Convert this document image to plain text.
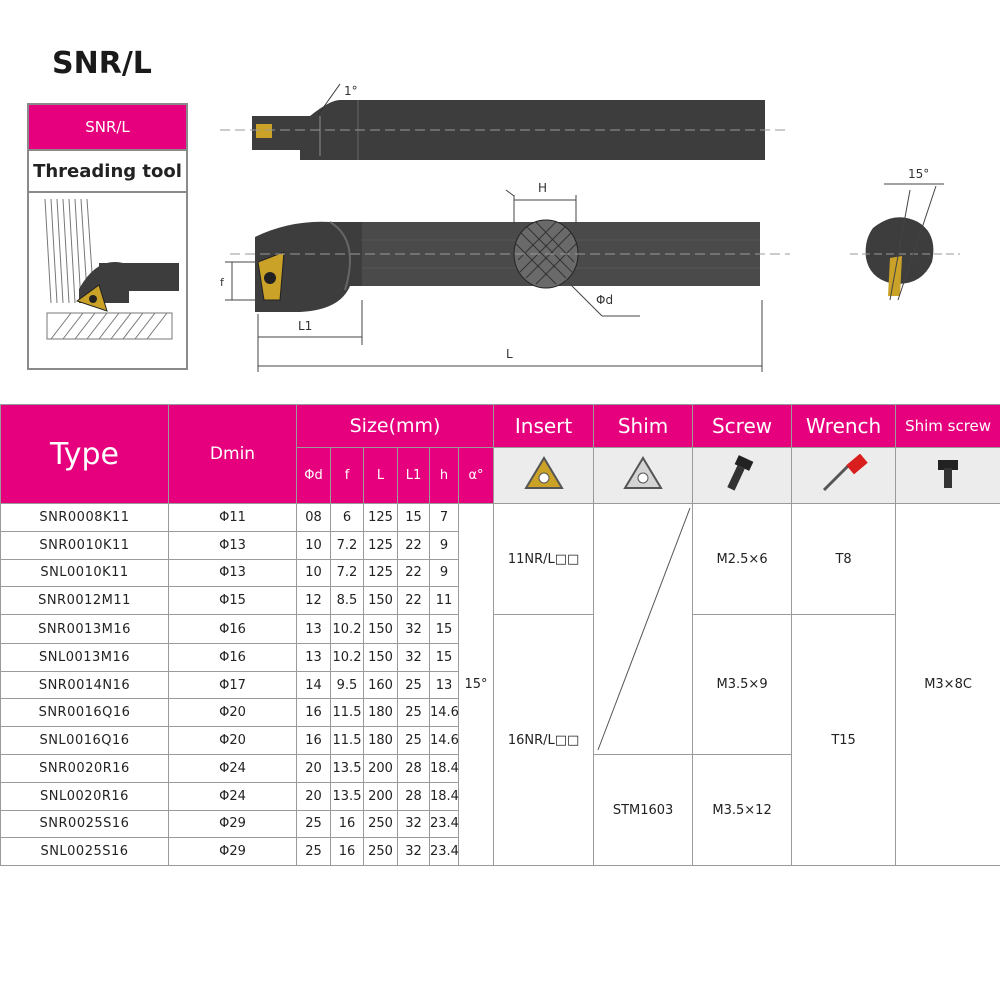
SNR/L
SNR/L
Threading tool
1°
H
Φd
f
L1
L
15°
Type	Dmin	Size(mm)						Insert	Shim	Screw	Wrench	Shim screw
		Φd	f	L	L1	h	α°					
SNR0008K11	Φ11	08	6	125	15	7	15°	11NR/L□□		M2.5×6	T8	M3×8C
SNR0010K11	Φ13	10	7.2	125	22	9						
SNL0010K11	Φ13	10	7.2	125	22	9						
SNR0012M11	Φ15	12	8.5	150	22	11						
SNR0013M16	Φ16	13	10.2	150	32	15		16NR/L□□		M3.5×9	T15	
SNL0013M16	Φ16	13	10.2	150	32	15						
SNR0014N16	Φ17	14	9.5	160	25	13						
SNR0016Q16	Φ20	16	11.5	180	25	14.6						
SNL0016Q16	Φ20	16	11.5	180	25	14.6						
SNR0020R16	Φ24	20	13.5	200	28	18.4			STM1603	M3.5×12		
SNL0020R16	Φ24	20	13.5	200	28	18.4						
SNR0025S16	Φ29	25	16	250	32	23.4						
SNL0025S16	Φ29	25	16	250	32	23.4						
